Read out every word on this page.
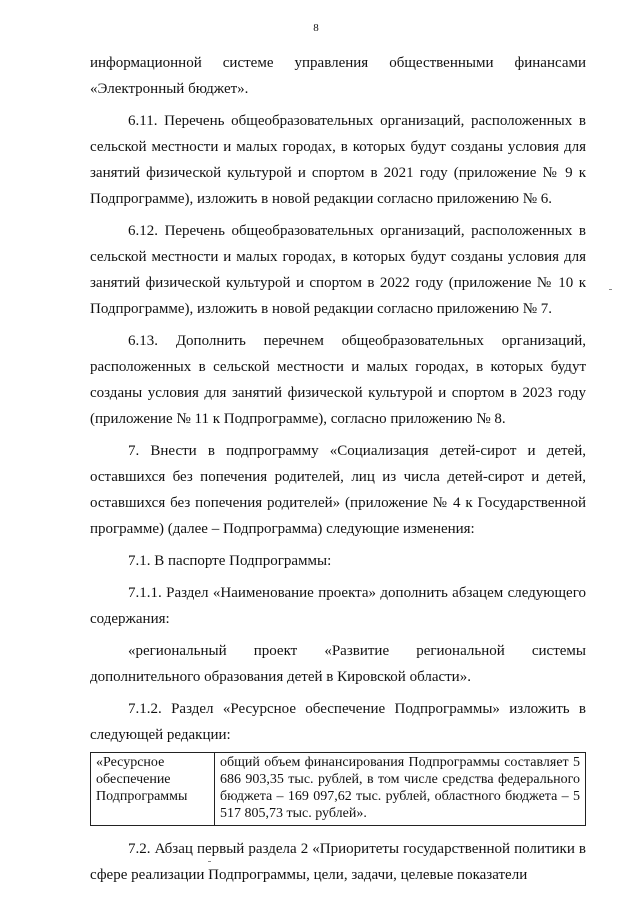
8

информационной системе управления общественными финансами «Электронный бюджет».

6.11. Перечень общеобразовательных организаций, расположенных в сельской местности и малых городах, в которых будут созданы условия для занятий физической культурой и спортом в 2021 году (приложение № 9 к Подпрограмме), изложить в новой редакции согласно приложению № 6.

6.12. Перечень общеобразовательных организаций, расположенных в сельской местности и малых городах, в которых будут созданы условия для занятий физической культурой и спортом в 2022 году (приложение № 10 к Подпрограмме), изложить в новой редакции согласно приложению № 7.

6.13. Дополнить перечнем общеобразовательных организаций, расположенных в сельской местности и малых городах, в которых будут созданы условия для занятий физической культурой и спортом в 2023 году (приложение № 11 к Подпрограмме), согласно приложению № 8.

7. Внести в подпрограмму «Социализация детей-сирот и детей, оставшихся без попечения родителей, лиц из числа детей-сирот и детей, оставшихся без попечения родителей» (приложение № 4 к Государственной программе) (далее – Подпрограмма) следующие изменения:

7.1. В паспорте Подпрограммы:

7.1.1. Раздел «Наименование проекта» дополнить абзацем следующего содержания:

«региональный проект «Развитие региональной системы дополнительного образования детей в Кировской области».

7.1.2. Раздел «Ресурсное обеспечение Подпрограммы» изложить в следующей редакции:

«Ресурсное обеспечение Подпрограммы	общий объем финансирования Подпрограммы составляет 5 686 903,35 тыс. рублей, в том числе средства федерального бюджета – 169 097,62 тыс. рублей, областного бюджета – 5 517 805,73 тыс. рублей».

7.2. Абзац первый раздела 2 «Приоритеты государственной политики в сфере реализации Подпрограммы, цели, задачи, целевые показатели
